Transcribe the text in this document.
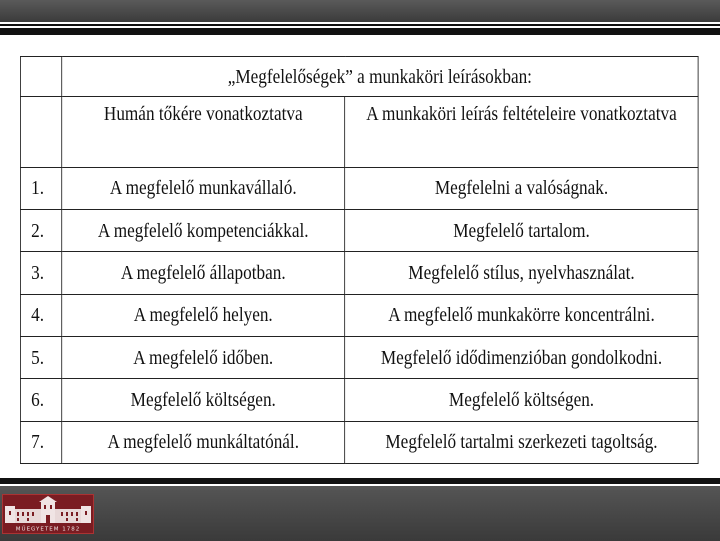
	„Megfelelőségek” a munkaköri leírásokban:	
	Humán tőkére vonatkoztatva	A munkaköri leírás feltételeire vonatkoztatva
1.	A megfelelő munkavállaló.	Megfelelni a valóságnak.
2.	A megfelelő kompetenciákkal.	Megfelelő tartalom.
3.	A megfelelő állapotban.	Megfelelő stílus, nyelvhasználat.
4.	A megfelelő helyen.	A megfelelő munkakörre koncentrálni.
5.	A megfelelő időben.	Megfelelő idődimenzióban gondolkodni.
6.	Megfelelő költségen.	Megfelelő költségen.
7.	A megfelelő munkáltatónál.	Megfelelő tartalmi szerkezeti tagoltság.
MŰEGYETEM 1782
